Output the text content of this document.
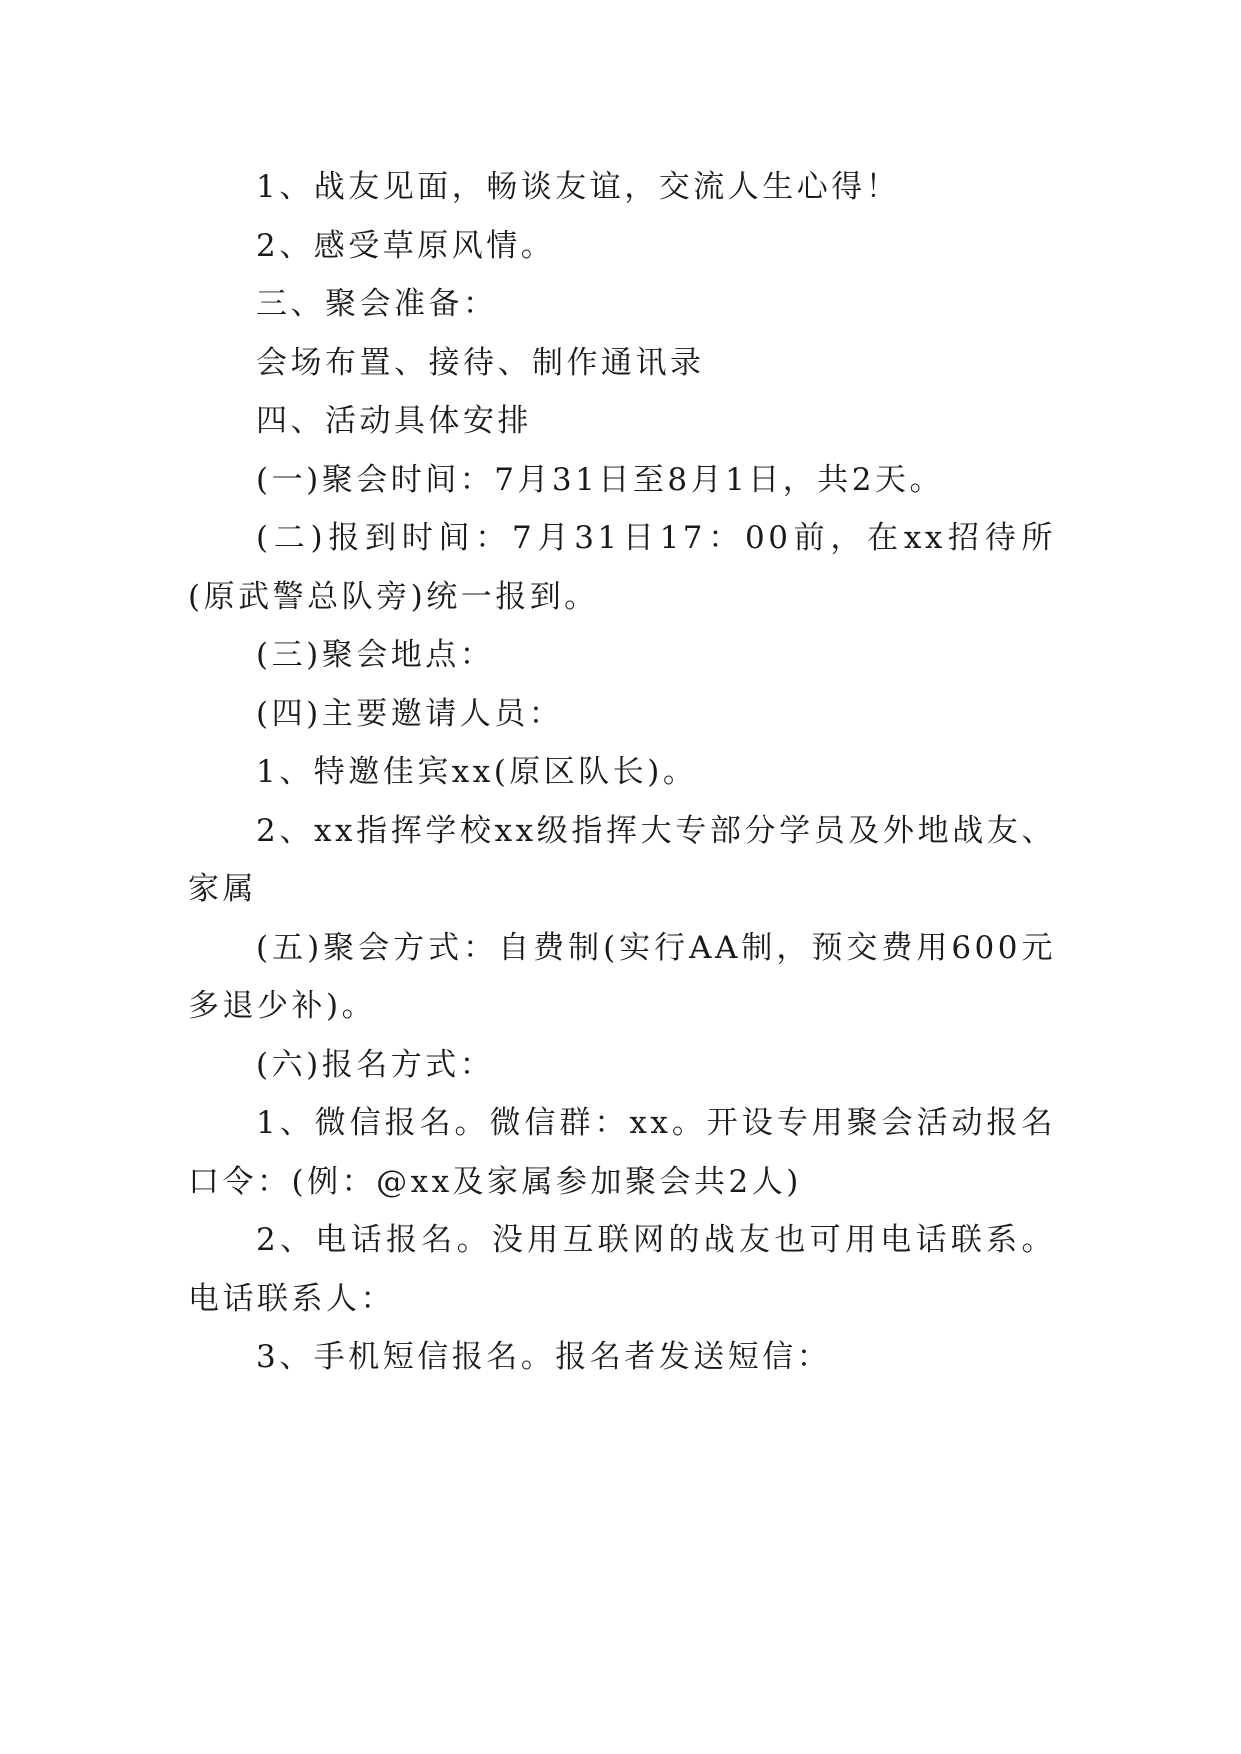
1、战友见面，畅谈友谊，交流人生心得！

2、感受草原风情。

三、聚会准备：

会场布置、接待、制作通讯录

四、活动具体安排

(一)聚会时间：7月31日至8月1日，共2天。

(二)报到时间：7月31日17：00前，在xx招待所(原武警总队旁)统一报到。

(三)聚会地点：

(四)主要邀请人员：

1、特邀佳宾xx(原区队长)。

2、xx指挥学校xx级指挥大专部分学员及外地战友、家属

(五)聚会方式：自费制(实行AA制，预交费用600元多退少补)。

(六)报名方式：

1、微信报名。微信群：xx。开设专用聚会活动报名口令：(例：@xx及家属参加聚会共2人)

2、电话报名。没用互联网的战友也可用电话联系。电话联系人：

3、手机短信报名。报名者发送短信：
